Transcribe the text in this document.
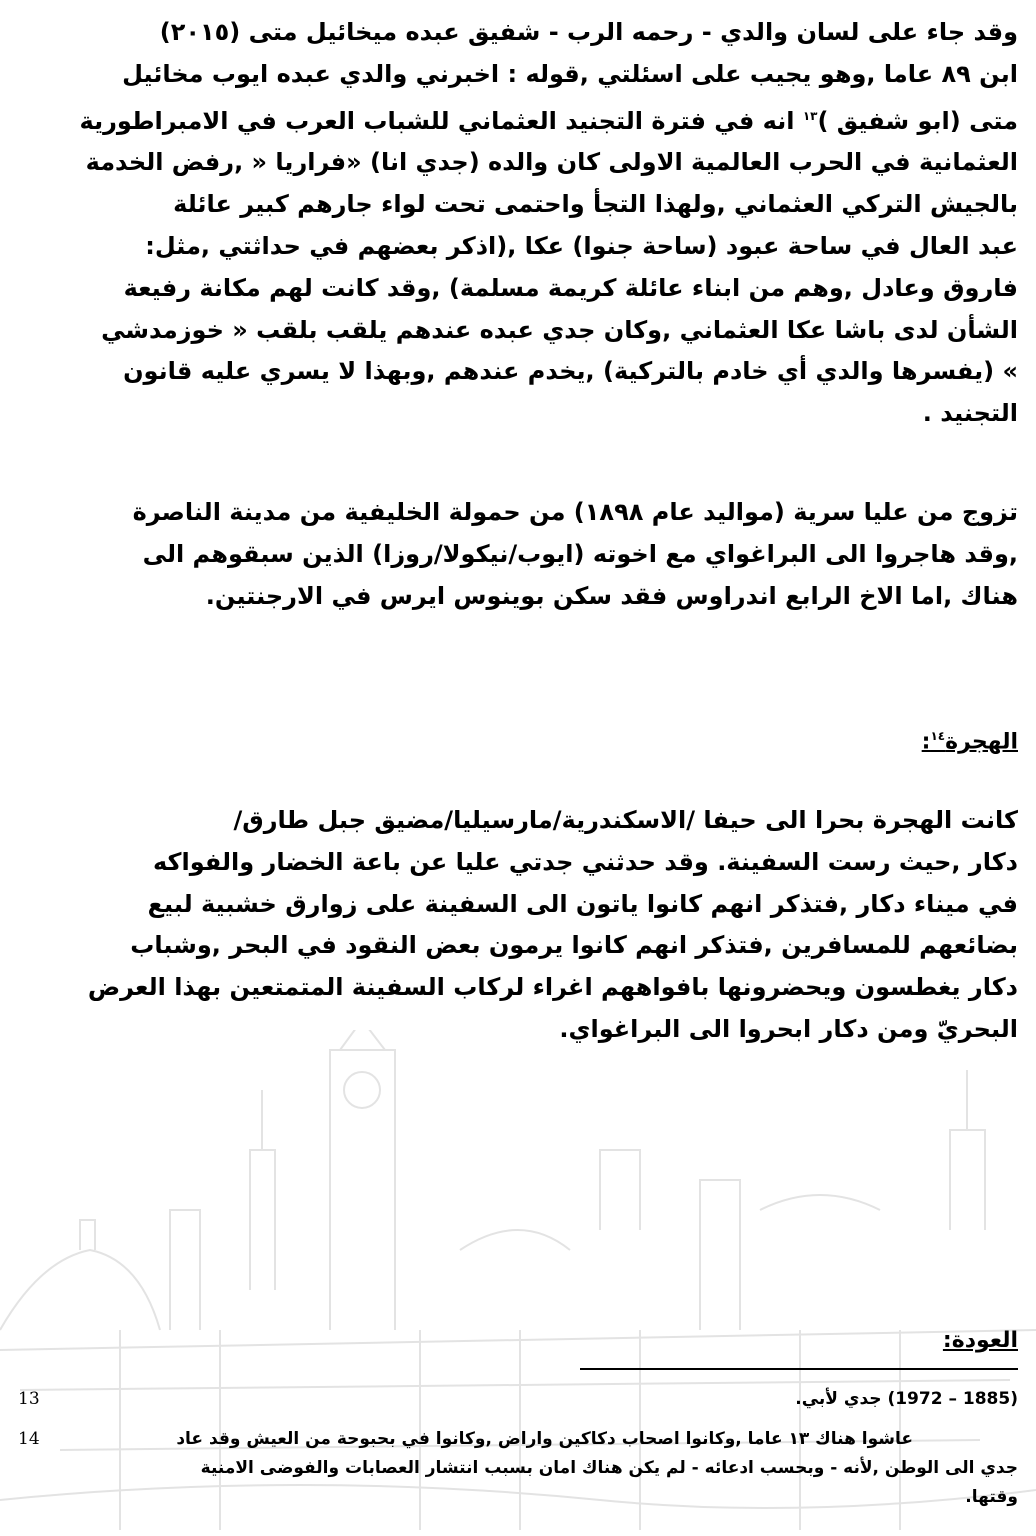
وقد جاء على لسان والدي - رحمه الرب - شفيق عبده ميخائيل متى (٢٠١٥)
ابن ٨٩ عاما ,وهو يجيب على اسئلتي ,قوله : اخبرني والدي عبده ايوب مخائيل
متى (ابو شفيق )$^{١٣}$ انه في فترة التجنيد العثماني للشباب العرب في الامبراطورية
العثمانية في الحرب العالمية الاولى كان والده (جدي انا) «فراريا « ,رفض الخدمة
بالجيش التركي العثماني ,ولهذا التجأ واحتمى تحت لواء جارهم كبير عائلة
عبد العال في ساحة عبود (ساحة جنوا) عكا ,(اذكر بعضهم في حداثتي ,مثل:
فاروق وعادل ,وهم من ابناء عائلة كريمة مسلمة) ,وقد كانت لهم مكانة رفيعة
الشأن لدى باشا عكا العثماني ,وكان جدي عبده عندهم يلقب بلقب « خوزمدشي
» (يفسرها والدي أي خادم بالتركية) ,يخدم عندهم ,وبهذا لا يسري عليه قانون
التجنيد .

تزوج من عليا سرية (مواليد عام ١٨٩٨) من حمولة الخليفية من مدينة الناصرة
,وقد هاجروا الى البراغواي مع اخوته (ايوب/نيكولا/روزا) الذين سبقوهم الى
هناك ,اما الاخ الرابع اندراوس فقد سكن بوينوس ايرس في الارجنتين.

الهجرة$^{١٤}$:

كانت الهجرة بحرا الى حيفا /الاسكندرية/مارسيليا/مضيق جبل طارق/
دكار ,حيث رست السفينة. وقد حدثني جدتي عليا عن باعة الخضار والفواكه
في ميناء دكار ,فتذكر انهم كانوا ياتون الى السفينة على زوارق خشبية لبيع
بضائعهم للمسافرين ,فتذكر انهم كانوا يرمون بعض النقود في البحر ,وشباب
دكار يغطسون ويحضرونها بافواههم اغراء لركاب السفينة المتمتعين بهذا العرض
البحريّ ومن دكار ابحروا الى البراغواي.

العودة:
(1885 – 1972) جدي لأبي.
13
عاشوا هناك ١٣ عاما ,وكانوا اصحاب دكاكين واراض ,وكانوا في بحبوحة من العيش وقد عاد
14
جدي الى الوطن ,لأنه - وبحسب ادعائه - لم يكن هناك امان بسبب انتشار العصابات والفوضى الامنية
وقتها.
